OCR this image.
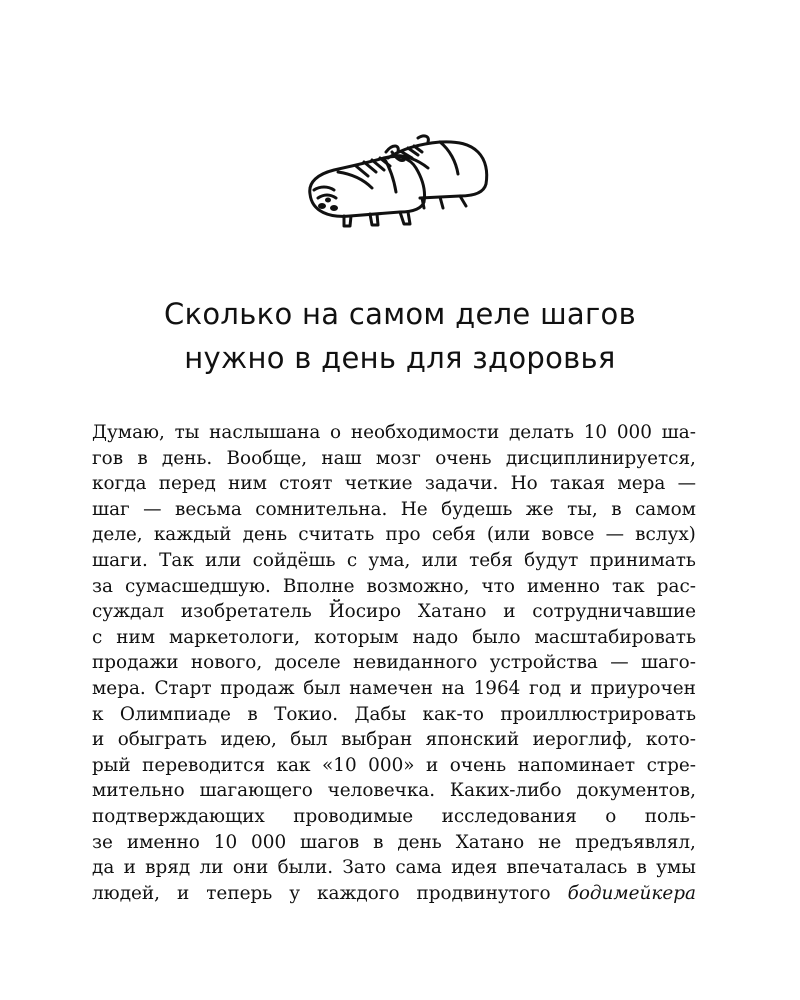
Сколько на самом деле шагов
нужно в день для здоровья
Думаю, ты наслышана о необходимости делать 10 000 ша-
гов в день. Вообще, наш мозг очень дисциплинируется,
когда перед ним стоят четкие задачи. Но такая мера —
шаг — весьма сомнительна. Не будешь же ты, в самом
деле, каждый день считать про себя (или вовсе — вслух)
шаги. Так или сойдёшь с ума, или тебя будут принимать
за сумасшедшую. Вполне возможно, что именно так рас-
суждал изобретатель Йосиро Хатано и сотрудничавшие
с ним маркетологи, которым надо было масштабировать
продажи нового, доселе невиданного устройства — шаго-
мера. Старт продаж был намечен на 1964 год и приурочен
к Олимпиаде в Токио. Дабы как-то проиллюстрировать
и обыграть идею, был выбран японский иероглиф, кото-
рый переводится как «10 000» и очень напоминает стре-
мительно шагающего человечка. Каких-либо документов,
подтверждающих проводимые исследования о поль-
зе именно 10 000 шагов в день Хатано не предъявлял,
да и вряд ли они были. Зато сама идея впечаталась в умы
людей, и теперь у каждого продвинутого бодимейкера
